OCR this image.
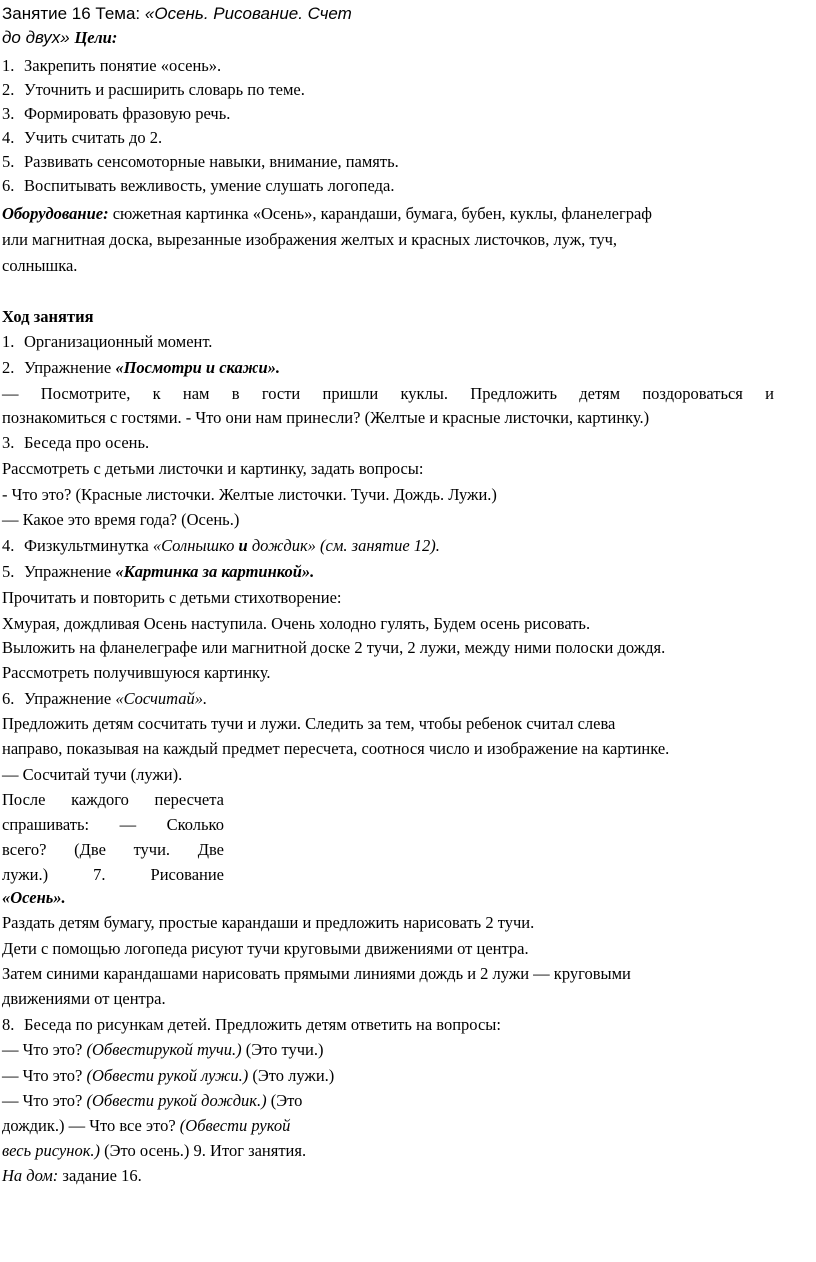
Занятие 16 Тема: «Осень. Рисование. Счет
до двух» Цели:
1. Закрепить понятие «осень».
2. Уточнить и расширить словарь по теме.
3. Формировать фразовую речь.
4. Учить считать до 2.
5. Развивать сенсомоторные навыки, внимание, память.
6. Воспитывать вежливость, умение слушать логопеда.
Оборудование: сюжетная картинка «Осень», карандаши, бумага, бубен, куклы, фланелеграф
или магнитная доска, вырезанные изображения желтых и красных листочков, луж, туч,
солнышка.
Ход занятия
1. Организационный момент.
2. Упражнение «Посмотри и скажи».
— Посмотрите, к нам в гости пришли куклы. Предложить детям поздороваться и
познакомиться с гостями. - Что они нам принесли? (Желтые и красные листочки, картинку.)
3. Беседа про осень.
Рассмотреть с детьми листочки и картинку, задать вопросы:
- Что это? (Красные листочки. Желтые листочки. Тучи. Дождь. Лужи.)
— Какое это время года? (Осень.)
4. Физкультминутка «Солнышко и дождик» (см. занятие 12).
5. Упражнение «Картинка за картинкой».
Прочитать и повторить с детьми стихотворение:
Хмурая, дождливая Осень наступила. Очень холодно гулять, Будем осень рисовать.
Выложить на фланелеграфе или магнитной доске 2 тучи, 2 лужи, между ними полоски дождя.
Рассмотреть получившуюся картинку.
6. Упражнение «Сосчитай».
Предложить детям сосчитать тучи и лужи. Следить за тем, чтобы ребенок считал слева
направо, показывая на каждый предмет пересчета, соотнося число и изображение на картинке.
— Сосчитай тучи (лужи).
После каждого пересчета
спрашивать: — Сколько
всего? (Две тучи. Две
лужи.) 7. Рисование
«Осень».
Раздать детям бумагу, простые карандаши и предложить нарисовать 2 тучи.
Дети с помощью логопеда рисуют тучи круговыми движениями от центра.
Затем синими карандашами нарисовать прямыми линиями дождь и 2 лужи — круговыми
движениями от центра.
8. Беседа по рисункам детей. Предложить детям ответить на вопросы:
— Что это? (Обвестирукой тучи.) (Это тучи.)
— Что это? (Обвести рукой лужи.) (Это лужи.)
— Что это? (Обвести рукой дождик.) (Это
дождик.) — Что все это? (Обвести рукой
весь рисунок.) (Это осень.) 9. Итог занятия.
На дом: задание 16.
